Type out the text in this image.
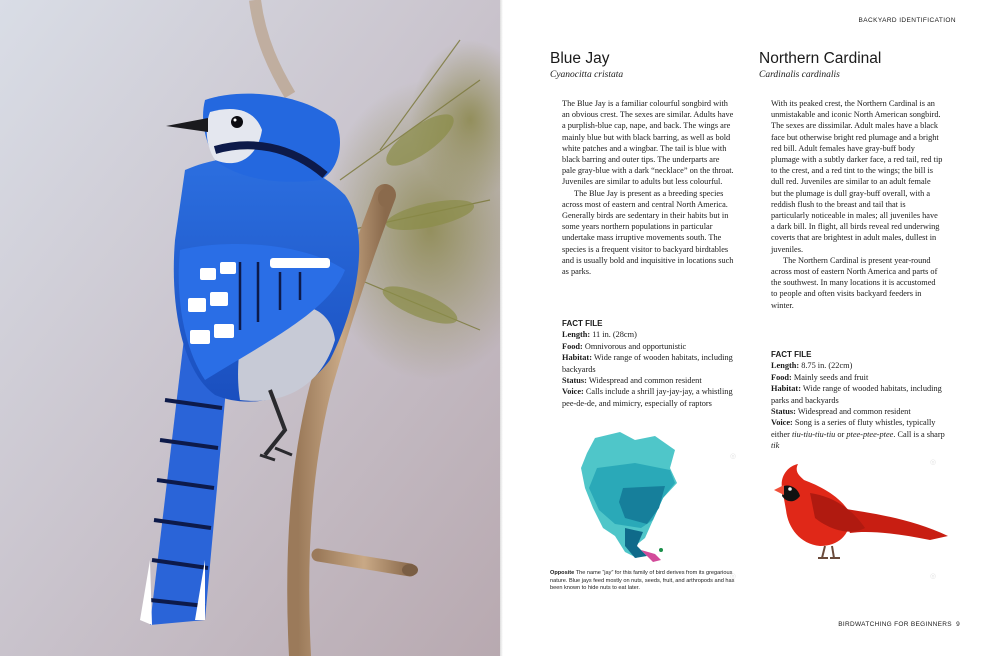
BACKYARD IDENTIFICATION
Blue Jay

Cyanocitta cristata

The Blue Jay is a familiar colourful songbird with an obvious crest. The sexes are similar. Adults have a purplish-blue cap, nape, and back. The wings are mainly blue but with black barring, as well as bold white patches and a wingbar. The tail is blue with black barring and outer tips. The underparts are pale gray-blue with a dark “necklace” on the throat. Juveniles are similar to adults but less colourful.

The Blue Jay is present as a breeding species across most of eastern and central North America. Generally birds are sedentary in their habits but in some years northern populations in particular undertake mass irruptive movements south. The species is a frequent visitor to backyard birdtables and is usually bold and inquisitive in locations such as parks.

FACT FILE
Length: 11 in. (28cm)
Food: Omnivorous and opportunistic
Habitat: Wide range of wooden habitats, including backyards
Status: Widespread and common resident
Voice: Calls include a shrill jay-jay-jay, a whistling pee-de-de, and mimicry, especially of raptors
Northern Cardinal

Cardinalis cardinalis

With its peaked crest, the Northern Cardinal is an unmistakable and iconic North American songbird. The sexes are dissimilar. Adult males have a black face but otherwise bright red plumage and a bright red bill. Adult females have gray-buff body plumage with a subtly darker face, a red tail, red tip to the crest, and a red tint to the wings; the bill is dull red. Juveniles are similar to an adult female but the plumage is dull gray-buff overall, with a reddish flush to the breast and tail that is particularly noticeable in males; all juveniles have a dark bill. In flight, all birds reveal red underwing coverts that are brightest in adult males, dullest in juveniles.

The Northern Cardinal is present year-round across most of eastern North America and parts of the southwest. In many locations it is accustomed to people and often visits backyard feeders in winter.

FACT FILE
Length: 8.75 in. (22cm)
Food: Mainly seeds and fruit
Habitat: Wide range of wooded habitats, including parks and backyards
Status: Widespread and common resident
Voice: Song is a series of fluty whistles, typically either tiu-tiu-tiu-tiu or ptee-ptee-ptee. Call is a sharp tik
◎
◎
◎	◎
Opposite The name “jay” for this family of bird derives from its gregarious nature. Blue jays feed mostly on nuts, seeds, fruit, and arthropods and has been known to hide nuts to eat later.
BIRDWATCHING FOR BEGINNERS 9
